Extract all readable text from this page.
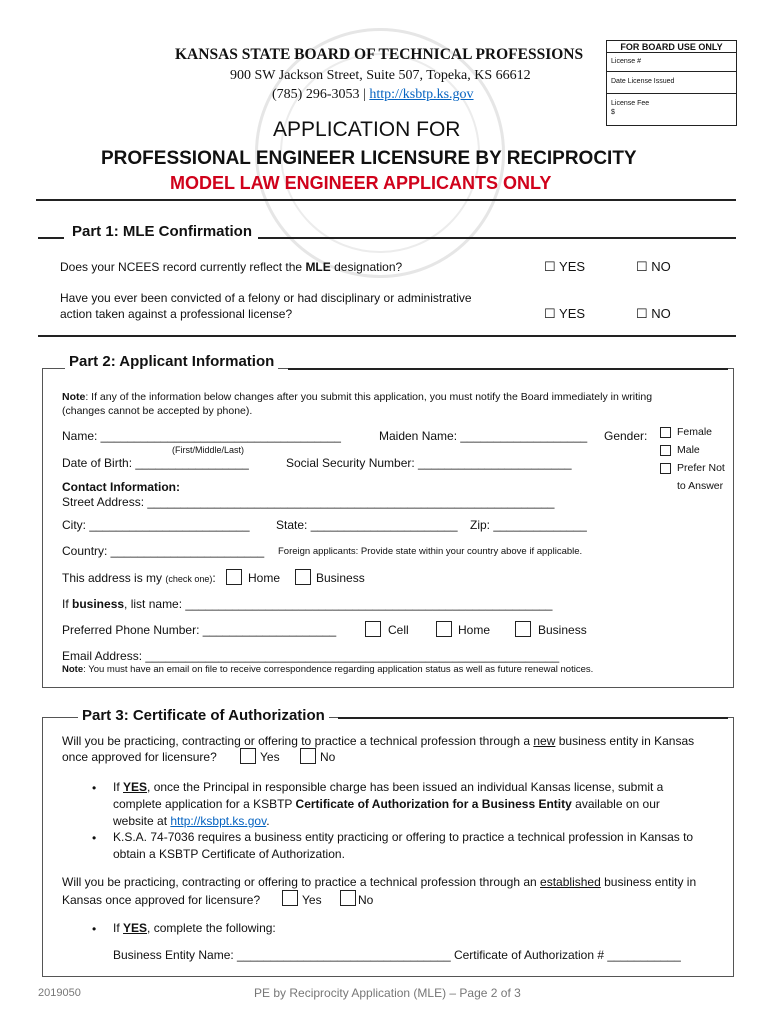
KANSAS STATE BOARD OF TECHNICAL PROFESSIONS
900 SW Jackson Street, Suite 507, Topeka, KS 66612
(785) 296-3053 | http://ksbtp.ks.gov
FOR BOARD USE ONLY
License #
Date License Issued
License Fee
$
APPLICATION FOR
PROFESSIONAL ENGINEER LICENSURE BY RECIPROCITY
MODEL LAW ENGINEER APPLICANTS ONLY
Part 1: MLE Confirmation
Does your NCEES record currently reflect the MLE designation?	☐ YES	☐ NO
Have you ever been convicted of a felony or had disciplinary or administrative
action taken against a professional license?	☐ YES	☐ NO
Part 2: Applicant Information
Note: If any of the information below changes after you submit this application, you must notify the Board immediately in writing
(changes cannot be accepted by phone).
Name: ____________________________________
(First/Middle/Last)
Maiden Name: ___________________ Gender:	Female
Male
Prefer Not
to Answer
Date of Birth: _________________	Social Security Number: _______________________
Contact Information:
Street Address: _____________________________________________________________
City: ________________________ State: ______________________ Zip: ______________
Country: _______________________ Foreign applicants: Provide state within your country above if applicable.
This address is my (check one):	Home	Business
If business, list name: _______________________________________________________
Preferred Phone Number: ____________________	Cell	Home	Business
Email Address: ______________________________________________________________
Note: You must have an email on file to receive correspondence regarding application status as well as future renewal notices.
Part 3: Certificate of Authorization
Will you be practicing, contracting or offering to practice a technical profession through a new business entity in Kansas
once approved for licensure?	Yes	No
• If YES, once the Principal in responsible charge has been issued an individual Kansas license, submit a
complete application for a KSBTP Certificate of Authorization for a Business Entity available on our
website at http://ksbpt.ks.gov.
• K.S.A. 74-7036 requires a business entity practicing or offering to practice a technical profession in Kansas to
obtain a KSBTP Certificate of Authorization.
Will you be practicing, contracting or offering to practice a technical profession through an established business entity in
Kansas once approved for licensure?	Yes	No
• If YES, complete the following:
Business Entity Name: ________________________________ Certificate of Authorization # ___________
2019050	PE by Reciprocity Application (MLE) – Page 2 of 3
